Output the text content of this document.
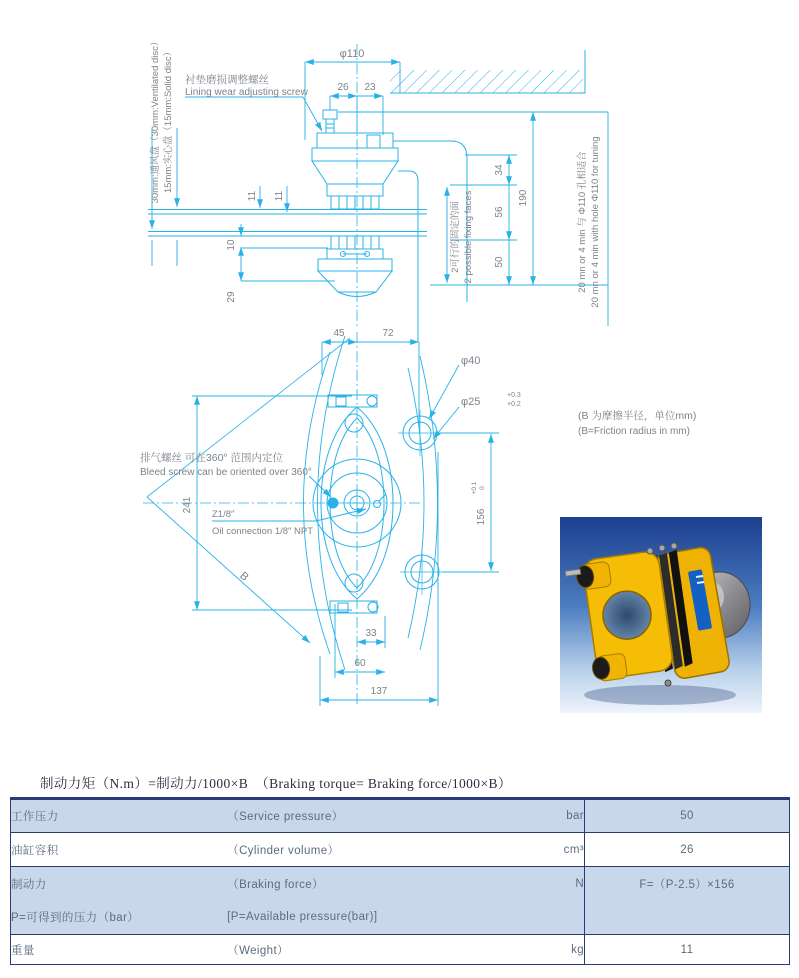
φ110
26 23
衬垫磨损调整螺丝
Lining wear adjusting screw
30mm:通风盘（30mm:Ventilated disc） 15mm:实心盘（15mm:Solid disc）
11 11
10
29
34
56
50
190
2可行的固定的面 2 possible fixing faces	20 mn or 4 min 与 Φ110 孔相适合 20 mn or 4 min with hole Φ110 for tuning
45	72
φ40
φ25
+0.3
+0.2
241
156
+0.1 0
33
60
137
B
排气螺丝 可在360° 范围内定位
Bleed screw can be oriented over 360°
Z1/8″
Oil connection 1/8″ NPT
(B 为摩擦半径，单位mm)
(B=Friction radius in mm)
制动力矩（N.m）=制动力/1000×B　（Braking torque= Braking force/1000×B）
工作压力	（Service pressure）	bar	50
油缸容积	（Cylinder volume）	cm³	26
制动力	（Braking force）	N	F=（P-2.5）×156
P=可得到的压力（bar）	[P=Available pressure(bar)]		
重量	（Weight）	kg	11
